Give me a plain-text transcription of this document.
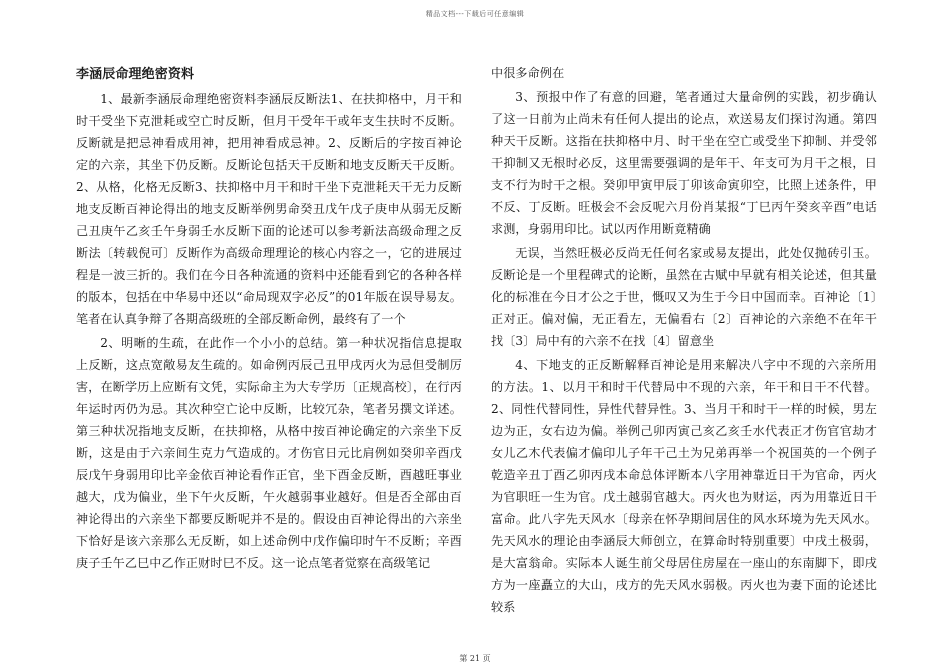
精品文档---下载后可任意编辑
李涵辰命理绝密资料

1、最新李涵辰命理绝密资料李涵辰反断法1、在扶抑格中，月干和时干受坐下克泄耗或空亡时反断，但月干受年干或年支生扶时不反断。反断就是把忌神看成用神，把用神看成忌神。2、反断后的字按百神论定的六亲，其坐下仍反断。反断论包括天干反断和地支反断天干反断。2、从格，化格无反断3、扶抑格中月干和时干坐下克泄耗天干无力反断地支反断百神论得出的地支反断举例男命癸丑戊午戊子庚申从弱无反断己丑庚午乙亥壬午身弱壬水反断下面的论述可以参考新法高级命理之反断法〔转载倪可〕反断作为高级命理理论的核心内容之一，它的进展过程是一波三折的。我们在今日各种流通的资料中还能看到它的各种各样的版本，包括在中华易中还以“命局现双字必反”的01年版在误导易友。笔者在认真争辩了各期高级班的全部反断命例，最终有了一个

2、明晰的生疏，在此作一个小小的总结。第一种状况指信息提取上反断，这点宽敞易友生疏的。如命例丙辰己丑甲戌丙火为忌但受制厉害，在断学历上应断有文凭，实际命主为大专学历〔正规高校〕，在行丙年运时丙仍为忌。其次种空亡论中反断，比较冗杂，笔者另撰文详述。第三种状况指地支反断，在扶抑格，从格中按百神论确定的六亲坐下反断，这是由于六亲间生克力气造成的。才伤官日元比肩例如癸卯辛酉戊辰戊午身弱用印比辛金依百神论看作正官，坐下酉金反断，酉越旺事业越大，戊为偏业，坐下午火反断，午火越弱事业越好。但是否全部由百神论得出的六亲坐下都要反断呢并不是的。假设由百神论得出的六亲坐下恰好是该六亲那么无反断，如上述命例中戊作偏印时午不反断；辛酉庚子壬午乙巳中乙作正财时巳不反。这一论点笔者觉察在高级笔记

中很多命例在

3、预报中作了有意的回避，笔者通过大量命例的实践，初步确认了这一日前为止尚未有任何人提出的论点，欢送易友们探讨沟通。第四种天干反断。这指在扶抑格中月、时干坐在空亡或受坐下抑制、并受邻干抑制又无根时必反，这里需要强调的是年干、年支可为月干之根，日支不行为时干之根。癸卯甲寅甲辰丁卯该命寅卯空，比照上述条件，甲不反、丁反断。旺极会不会反呢六月份肖某报“丁巳丙午癸亥辛酉”电话求测，身弱用印比。试以丙作用断竟精确

无误，当然旺极必反尚无任何名家或易友提出，此处仅抛砖引玉。反断论是一个里程碑式的论断，虽然在古赋中早就有相关论述，但其量化的标准在今日才公之于世，慨叹又为生于今日中国而幸。百神论〔1〕正对正。偏对偏，无正看左，无偏看右〔2〕百神论的六亲绝不在年干找〔3〕局中有的六亲不在找〔4〕留意坐

4、下地支的正反断解释百神论是用来解决八字中不现的六亲所用的方法。1、以月干和时干代替局中不现的六亲，年干和日干不代替。2、同性代替同性，异性代替异性。3、当月干和时干一样的时候，男左边为正，女右边为偏。举例己卯丙寅己亥乙亥壬水代表正才伤官官劫才女儿乙木代表偏才偏印儿子年干己土为兄弟再举一个祝国英的一个例子乾造辛丑丁酉乙卯丙戌本命总体评断本八字用神靠近日干为官命，丙火为官职旺一生为官。戊土越弱官越大。丙火也为财运，丙为用靠近日干富命。此八字先天风水〔母亲在怀孕期间居住的风水环境为先天风水。先天风水的理论由李涵辰大师创立，在算命时特别重要〕中戌土极弱，是大富翁命。实际本人诞生前父母居住房屋在一座山的东南脚下，即戌方为一座矗立的大山，戌方的先天风水弱极。丙火也为妻下面的论述比较系

第 21 页
